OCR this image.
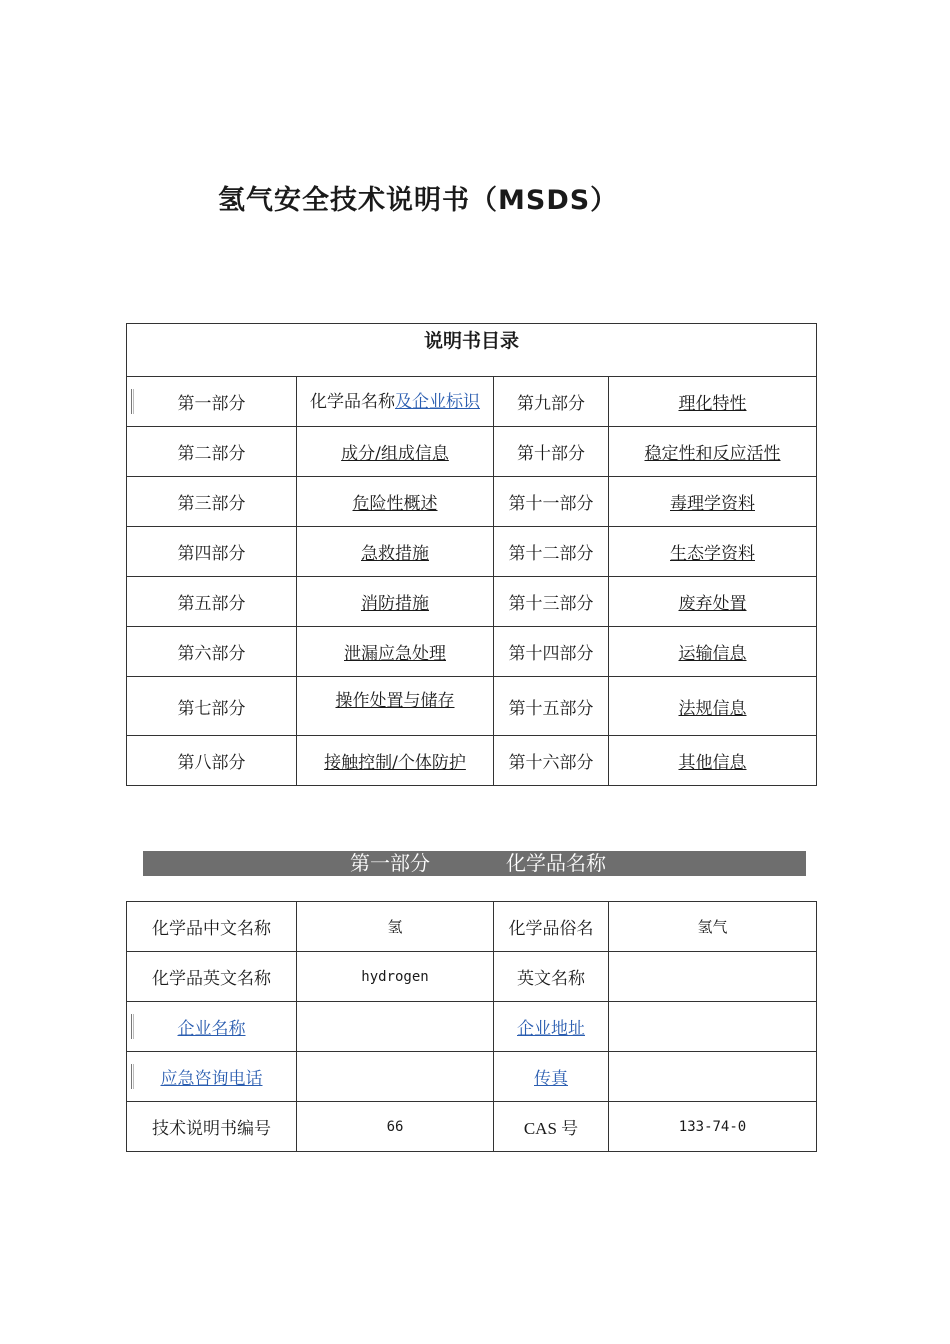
氢气安全技术说明书（MSDS）
说明书目录			
第一部分	化学品名称及企业标识	第九部分	理化特性
第二部分	成分/组成信息	第十部分	稳定性和反应活性
第三部分	危险性概述	第十一部分	毒理学资料
第四部分	急救措施	第十二部分	生态学资料
第五部分	消防措施	第十三部分	废弃处置
第六部分	泄漏应急处理	第十四部分	运输信息
第七部分	操作处置与储存	第十五部分	法规信息
第八部分	接触控制/个体防护	第十六部分	其他信息
第一部分	化学品名称
化学品中文名称	氢	化学品俗名	氢气
化学品英文名称	hydrogen	英文名称	
企业名称		企业地址	
应急咨询电话		传真	
技术说明书编号	66	CAS 号	133-74-0
